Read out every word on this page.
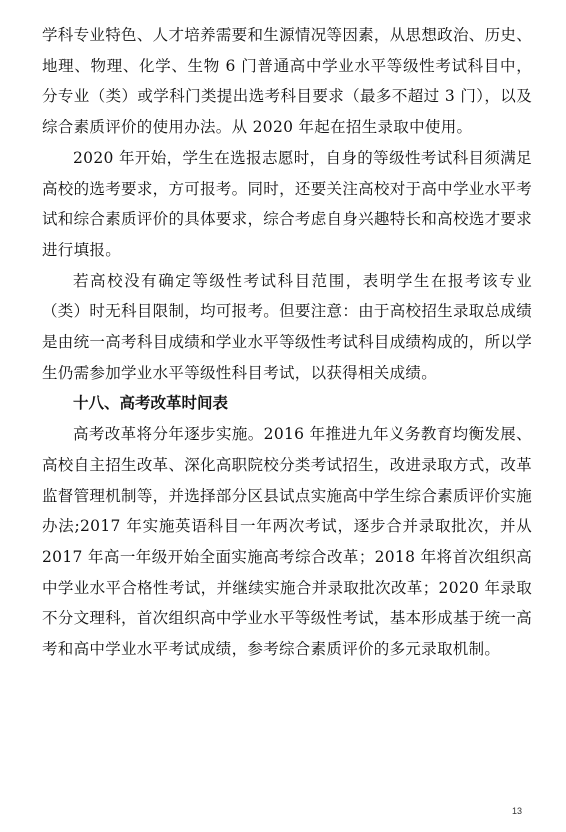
学科专业特色、人才培养需要和生源情况等因素，从思想政治、历史、地理、物理、化学、生物 6 门普通高中学业水平等级性考试科目中，分专业（类）或学科门类提出选考科目要求（最多不超过 3 门），以及综合素质评价的使用办法。从 2020 年起在招生录取中使用。

2020 年开始，学生在选报志愿时，自身的等级性考试科目须满足高校的选考要求，方可报考。同时，还要关注高校对于高中学业水平考试和综合素质评价的具体要求，综合考虑自身兴趣特长和高校选才要求进行填报。

若高校没有确定等级性考试科目范围，表明学生在报考该专业（类）时无科目限制，均可报考。但要注意：由于高校招生录取总成绩是由统一高考科目成绩和学业水平等级性考试科目成绩构成的，所以学生仍需参加学业水平等级性科目考试，以获得相关成绩。

十八、高考改革时间表

高考改革将分年逐步实施。2016 年推进九年义务教育均衡发展、高校自主招生改革、深化高职院校分类考试招生，改进录取方式，改革监督管理机制等，并选择部分区县试点实施高中学生综合素质评价实施办法;2017 年实施英语科目一年两次考试，逐步合并录取批次，并从 2017 年高一年级开始全面实施高考综合改革；2018 年将首次组织高中学业水平合格性考试，并继续实施合并录取批次改革；2020 年录取不分文理科，首次组织高中学业水平等级性考试，基本形成基于统一高考和高中学业水平考试成绩，参考综合素质评价的多元录取机制。

13
